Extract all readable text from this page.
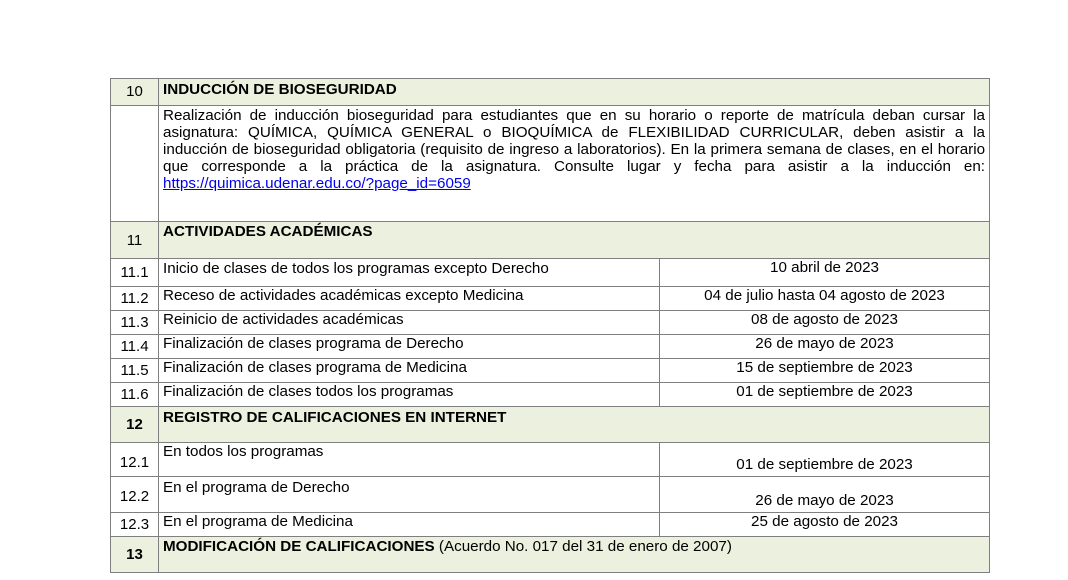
10	INDUCCIÓN DE BIOSEGURIDAD	
	Realización de inducción bioseguridad para estudiantes que en su horario o reporte de matrícula deban cursar la asignatura: QUÍMICA, QUÍMICA GENERAL o BIOQUÍMICA de FLEXIBILIDAD CURRICULAR, deben asistir a la inducción de bioseguridad obligatoria (requisito de ingreso a laboratorios). En la primera semana de clases, en el horario que corresponde a la práctica de la asignatura. Consulte lugar y fecha para asistir a la inducción en: https://quimica.udenar.edu.co/?page_id=6059	
11	ACTIVIDADES ACADÉMICAS	
11.1	Inicio de clases de todos los programas excepto Derecho	10 abril de 2023
11.2	Receso de actividades académicas excepto Medicina	04 de julio hasta 04 agosto de 2023
11.3	Reinicio de actividades académicas	08 de agosto de 2023
11.4	Finalización de clases programa de Derecho	26 de mayo de 2023
11.5	Finalización de clases programa de Medicina	15 de septiembre de 2023
11.6	Finalización de clases todos los programas	01 de septiembre de 2023
12	REGISTRO DE CALIFICACIONES EN INTERNET	
12.1	En todos los programas	01 de septiembre de 2023
12.2	En el programa de Derecho	26 de mayo de 2023
12.3	En el programa de Medicina	25 de agosto de 2023
13	MODIFICACIÓN DE CALIFICACIONES (Acuerdo No. 017 del 31 de enero de 2007)	
